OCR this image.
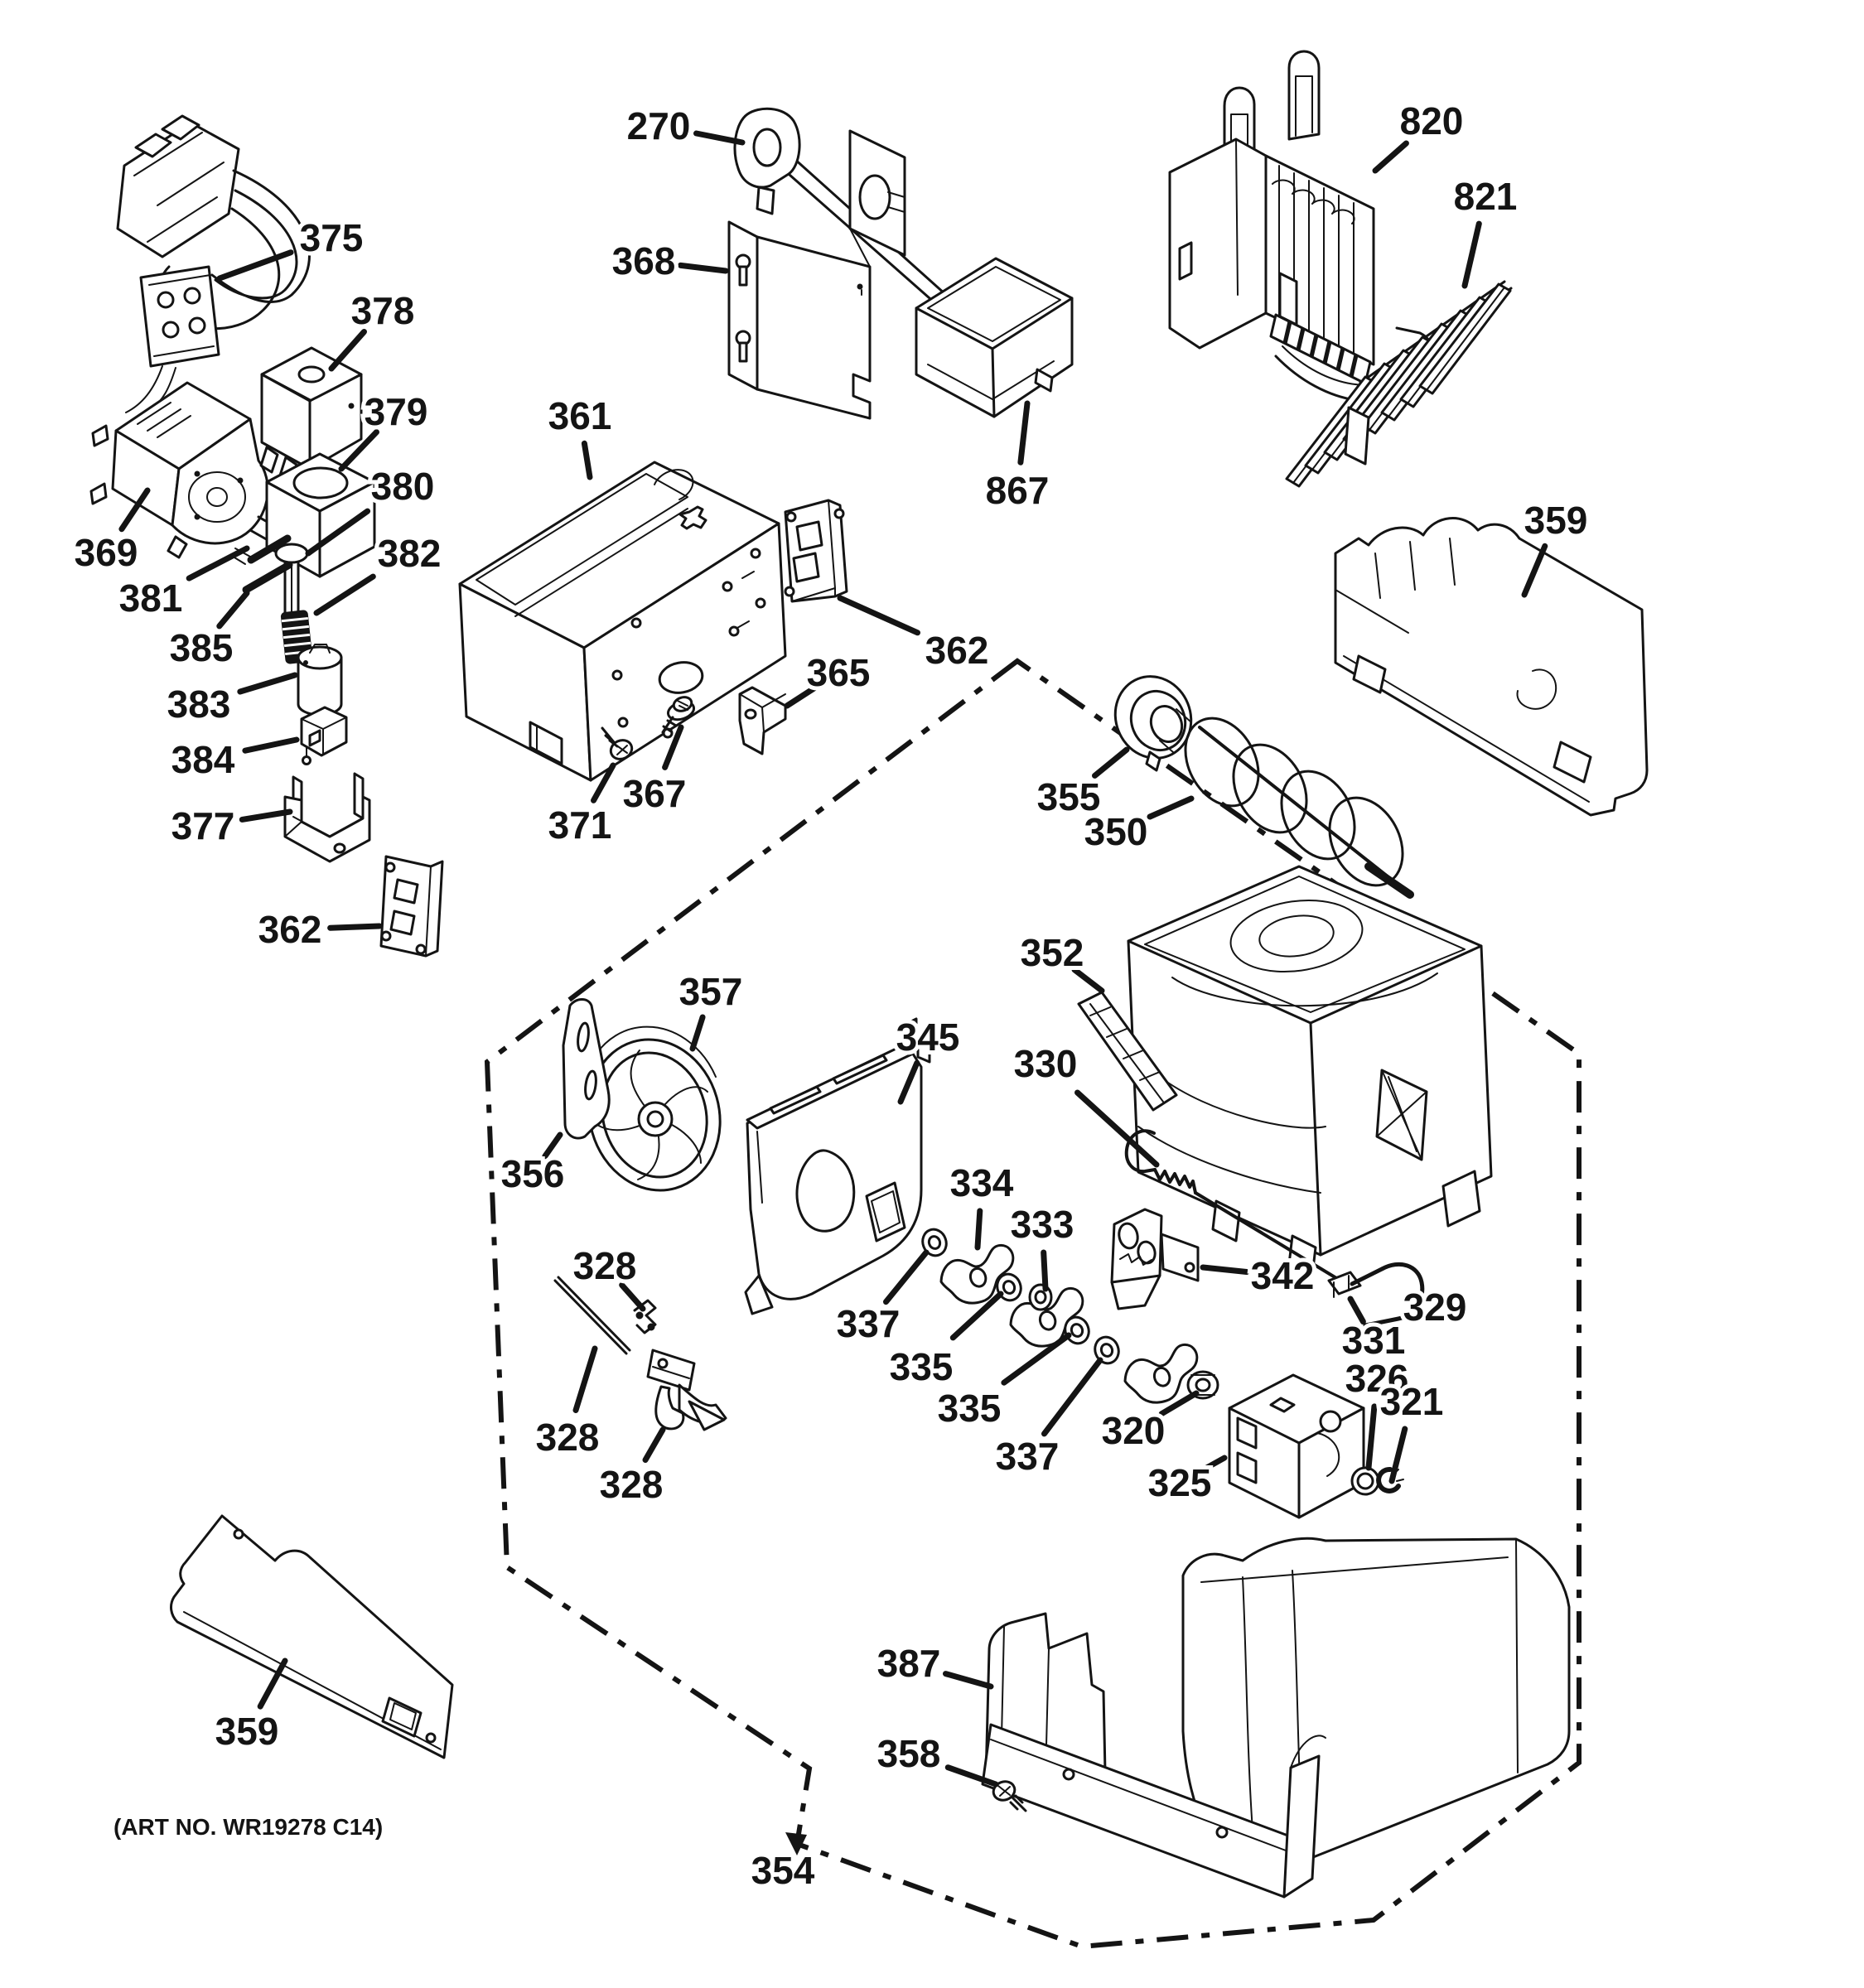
375
378
379
380
382
369
381
385
383
384
377
362
270
368
867
820
821
361
362
365
367
371
359
355
350
352
330
357
356
345
328
328
328
334
333
337
335
335
337
320
325
342
329
331
326
321
387
358
354
359
(ART NO. WR19278 C14)
